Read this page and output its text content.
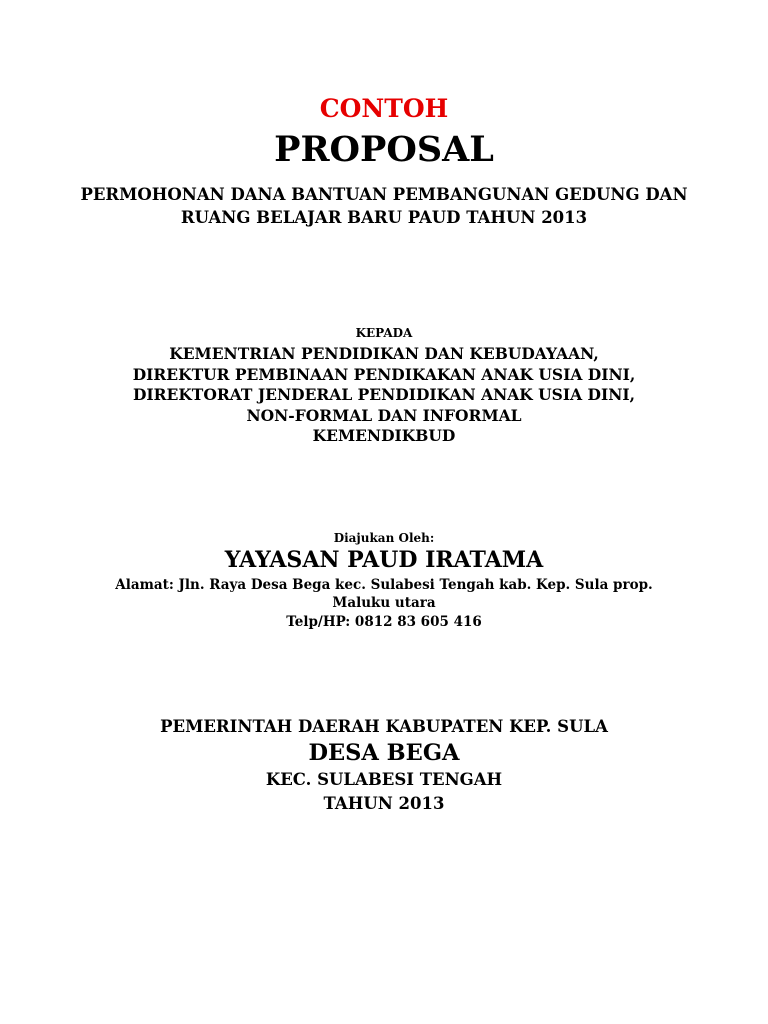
CONTOH
PROPOSAL
PERMOHONAN DANA BANTUAN PEMBANGUNAN GEDUNG DAN
RUANG BELAJAR BARU PAUD TAHUN 2013
KEPADA
KEMENTRIAN PENDIDIKAN DAN KEBUDAYAAN,
DIREKTUR PEMBINAAN PENDIKAKAN ANAK USIA DINI,
DIREKTORAT JENDERAL PENDIDIKAN ANAK USIA DINI,
NON-FORMAL DAN INFORMAL
KEMENDIKBUD
Diajukan Oleh:
YAYASAN PAUD IRATAMA
Alamat: Jln. Raya Desa Bega kec. Sulabesi Tengah kab. Kep. Sula prop. Maluku utara
Telp/HP: 0812 83 605 416
PEMERINTAH DAERAH KABUPATEN KEP. SULA
DESA BEGA
KEC. SULABESI TENGAH
TAHUN 2013
